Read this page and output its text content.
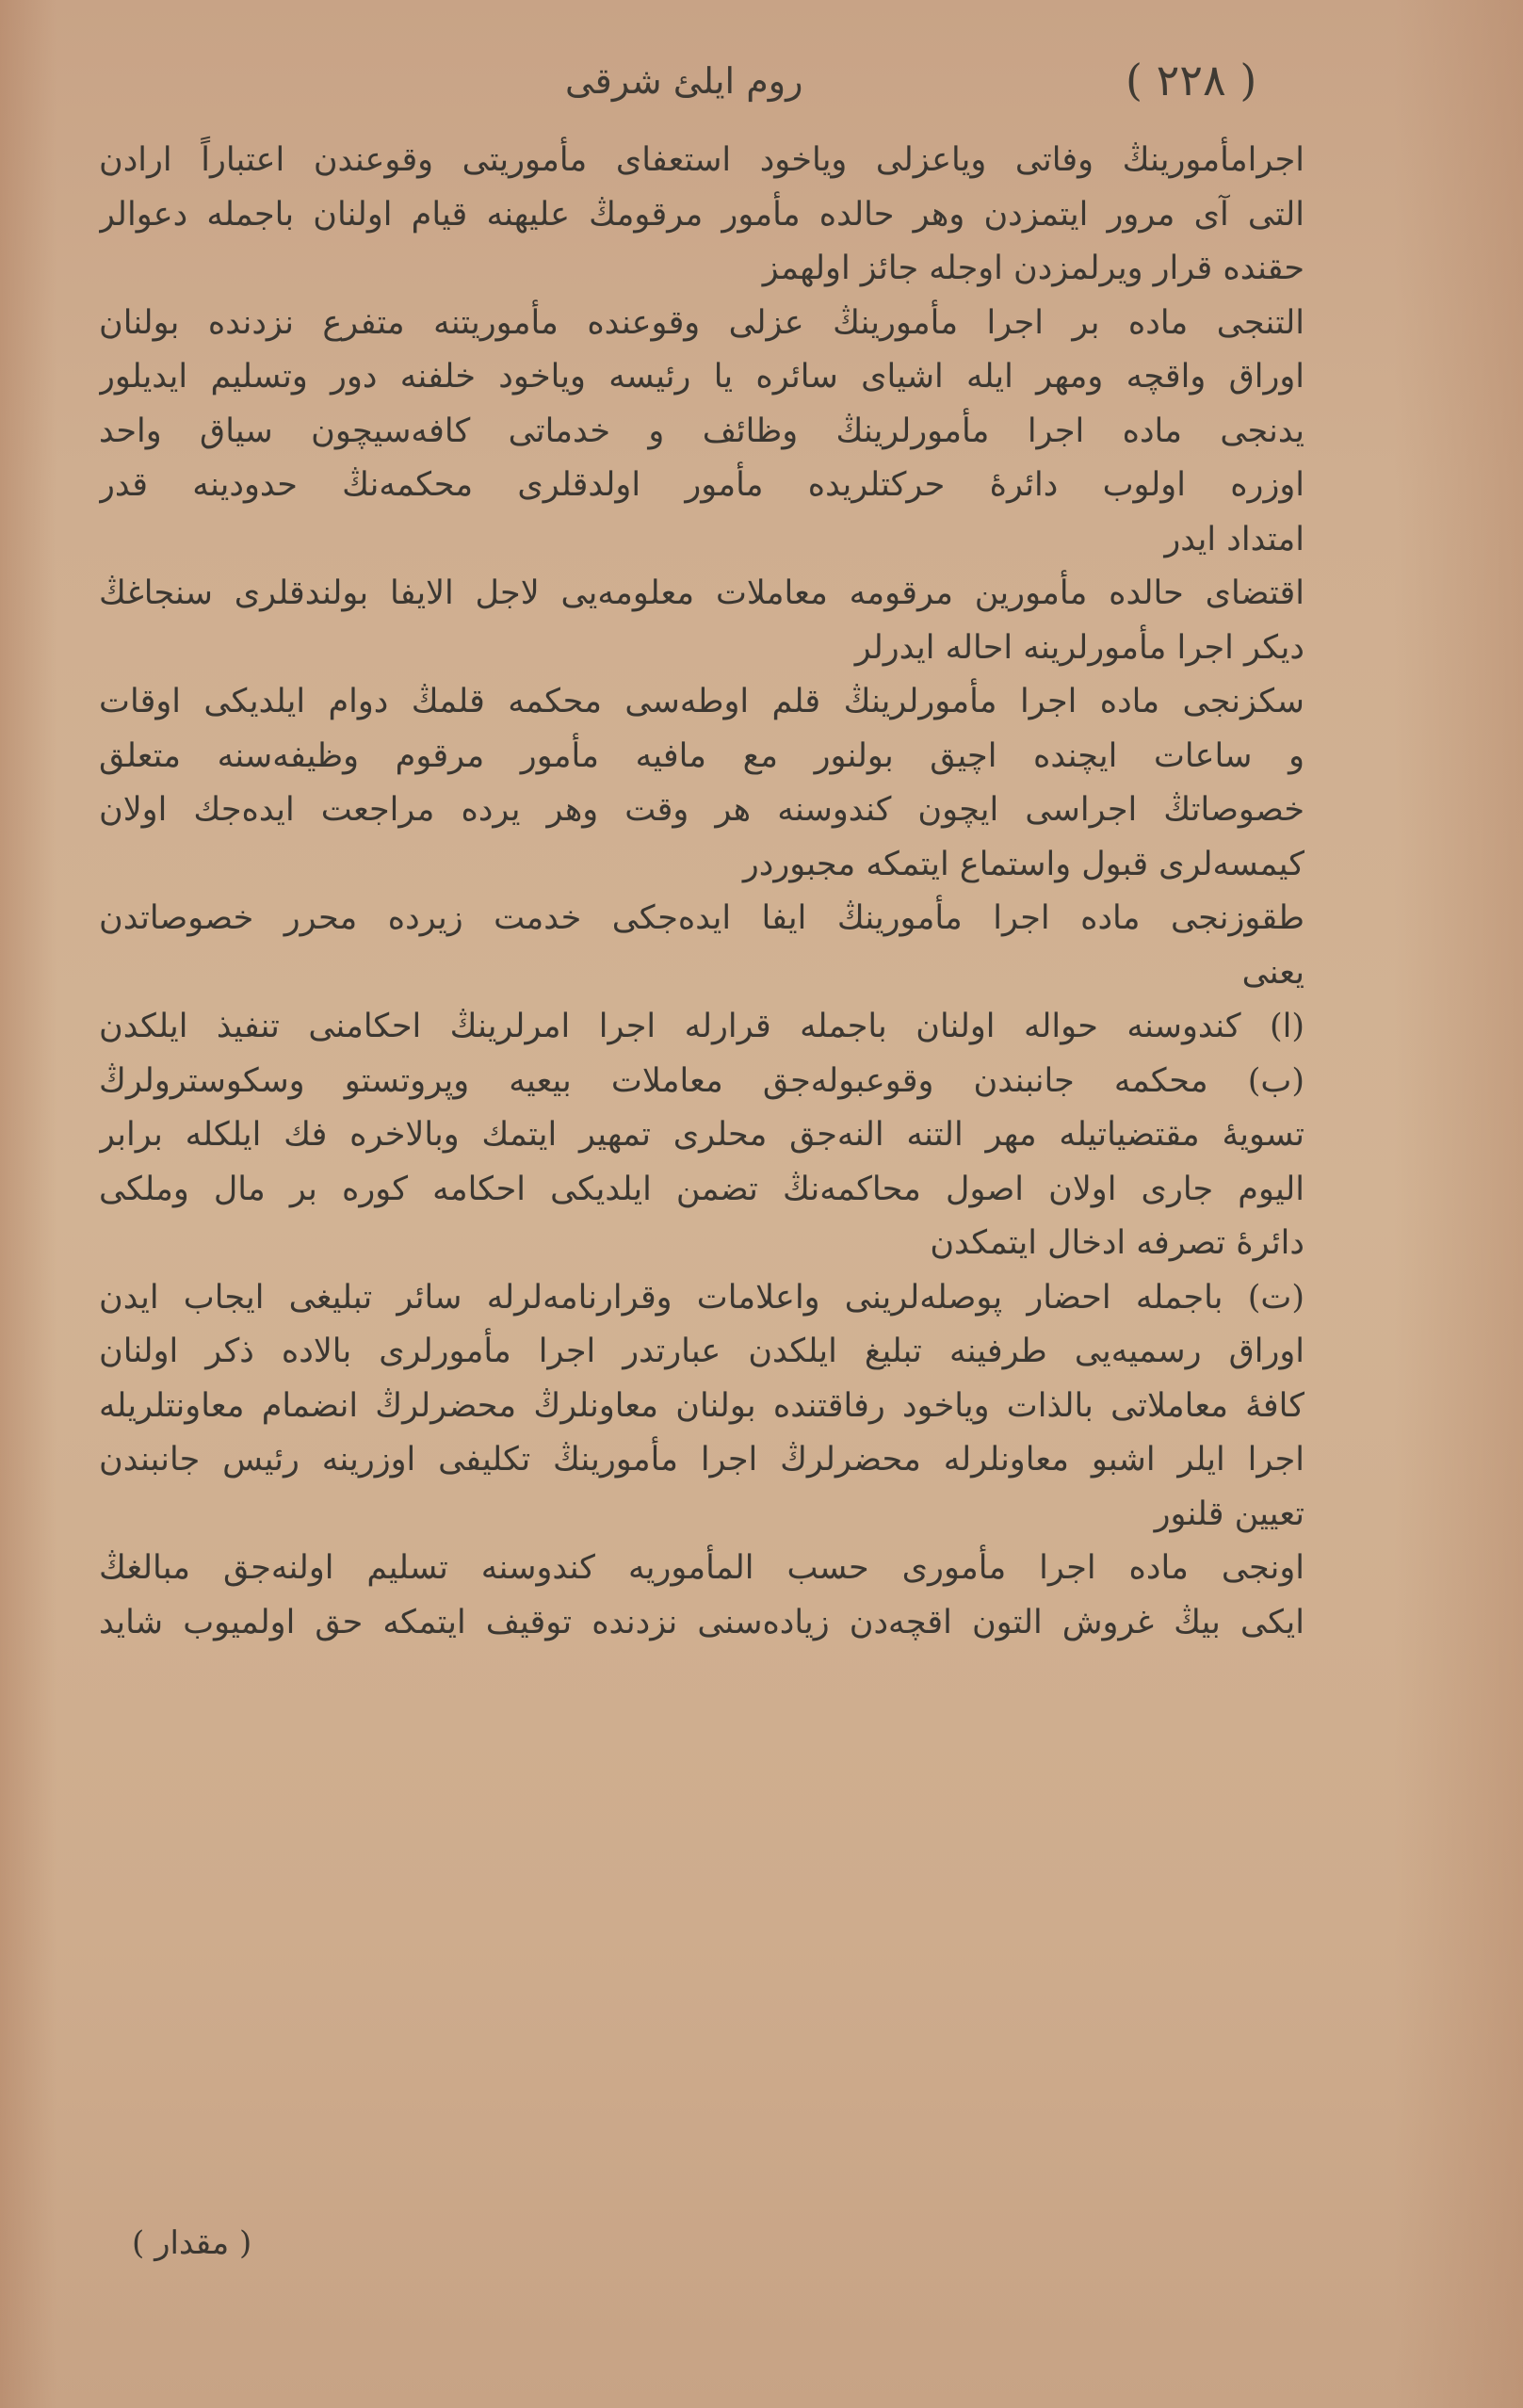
( ٢٢٨ )
روم ايلئ شرقى
اجرامأمورينڭ وفاتى وياعزلى وياخود استعفاى مأموريتى وقوعندن اعتباراً ارادن
التى آى مرور ايتمزدن وهر حالده مأمور مرقومڭ عليهنه قيام اولنان باجمله دعوالر
حقنده قرار ويرلمزدن اوجله جائز اولهمز
التنجى ماده بر اجرا مأمورينڭ عزلى وقوعنده مأموريتنه متفرع نزدنده بولنان
اوراق واقچه ومهر ايله اشياى سائره يا رئيسه وياخود خلفنه دور وتسليم ايديلور
يدنجى ماده اجرا مأمورلرينڭ وظائف و خدماتى كافه‌سيچون سياق واحد
اوزره اولوب دائرهٔ حركتلريده مأمور اولدقلرى محكمه‌نڭ حدودينه قدر
امتداد ايدر
اقتضاى حالده مأمورين مرقومه معاملات معلومه‌يى لاجل الايفا بولندقلرى سنجاغڭ
ديكر اجرا مأمورلرينه احاله ايدرلر
سكزنجى ماده اجرا مأمورلرينڭ قلم اوطه‌سى محكمه قلمڭ دوام ايلديكى اوقات
و ساعات ايچنده اچيق بولنور مع مافيه مأمور مرقوم وظيفه‌سنه متعلق
خصوصاتڭ اجراسى ايچون كندوسنه هر وقت وهر يرده مراجعت ايده‌جك اولان
كيمسه‌لرى قبول واستماع ايتمكه مجبوردر
طقوزنجى ماده اجرا مأمورينڭ ايفا ايده‌جكى خدمت زيرده محرر خصوصاتدن
يعنى
(ا) كندوسنه حواله اولنان باجمله قرارله اجرا امرلرينڭ احكامنى تنفيذ ايلكدن
(ب) محكمه جانبندن وقوعبوله‌جق معاملات بيعيه وپروتستو وسكوسترولرڭ
تسويهٔ مقتضياتيله مهر التنه النه‌جق محلرى تمهير ايتمك وبالاخره فك ايلكله برابر
اليوم جارى اولان اصول محاكمه‌نڭ تضمن ايلديكى احكامه كوره بر مال وملكى
دائرهٔ تصرفه ادخال ايتمكدن
(ت) باجمله احضار پوصله‌لرينى واعلامات وقرارنامه‌لرله سائر تبليغى ايجاب ايدن
اوراق رسميه‌يى طرفينه تبليغ ايلكدن عبارتدر اجرا مأمورلرى بالاده ذكر اولنان
كافهٔ معاملاتى بالذات وياخود رفاقتنده بولنان معاونلرڭ محضرلرڭ انضمام معاونتلريله
اجرا ايلر اشبو معاونلرله محضرلرڭ اجرا مأمورينڭ تكليفى اوزرينه رئيس جانبندن
تعيين قلنور
اونجى ماده اجرا مأمورى حسب المأموريه كندوسنه تسليم اولنه‌جق مبالغڭ
ايكى بيڭ غروش التون اقچه‌دن زياده‌سنى نزدنده توقيف ايتمكه حق اولميوب شايد
( مقدار )
